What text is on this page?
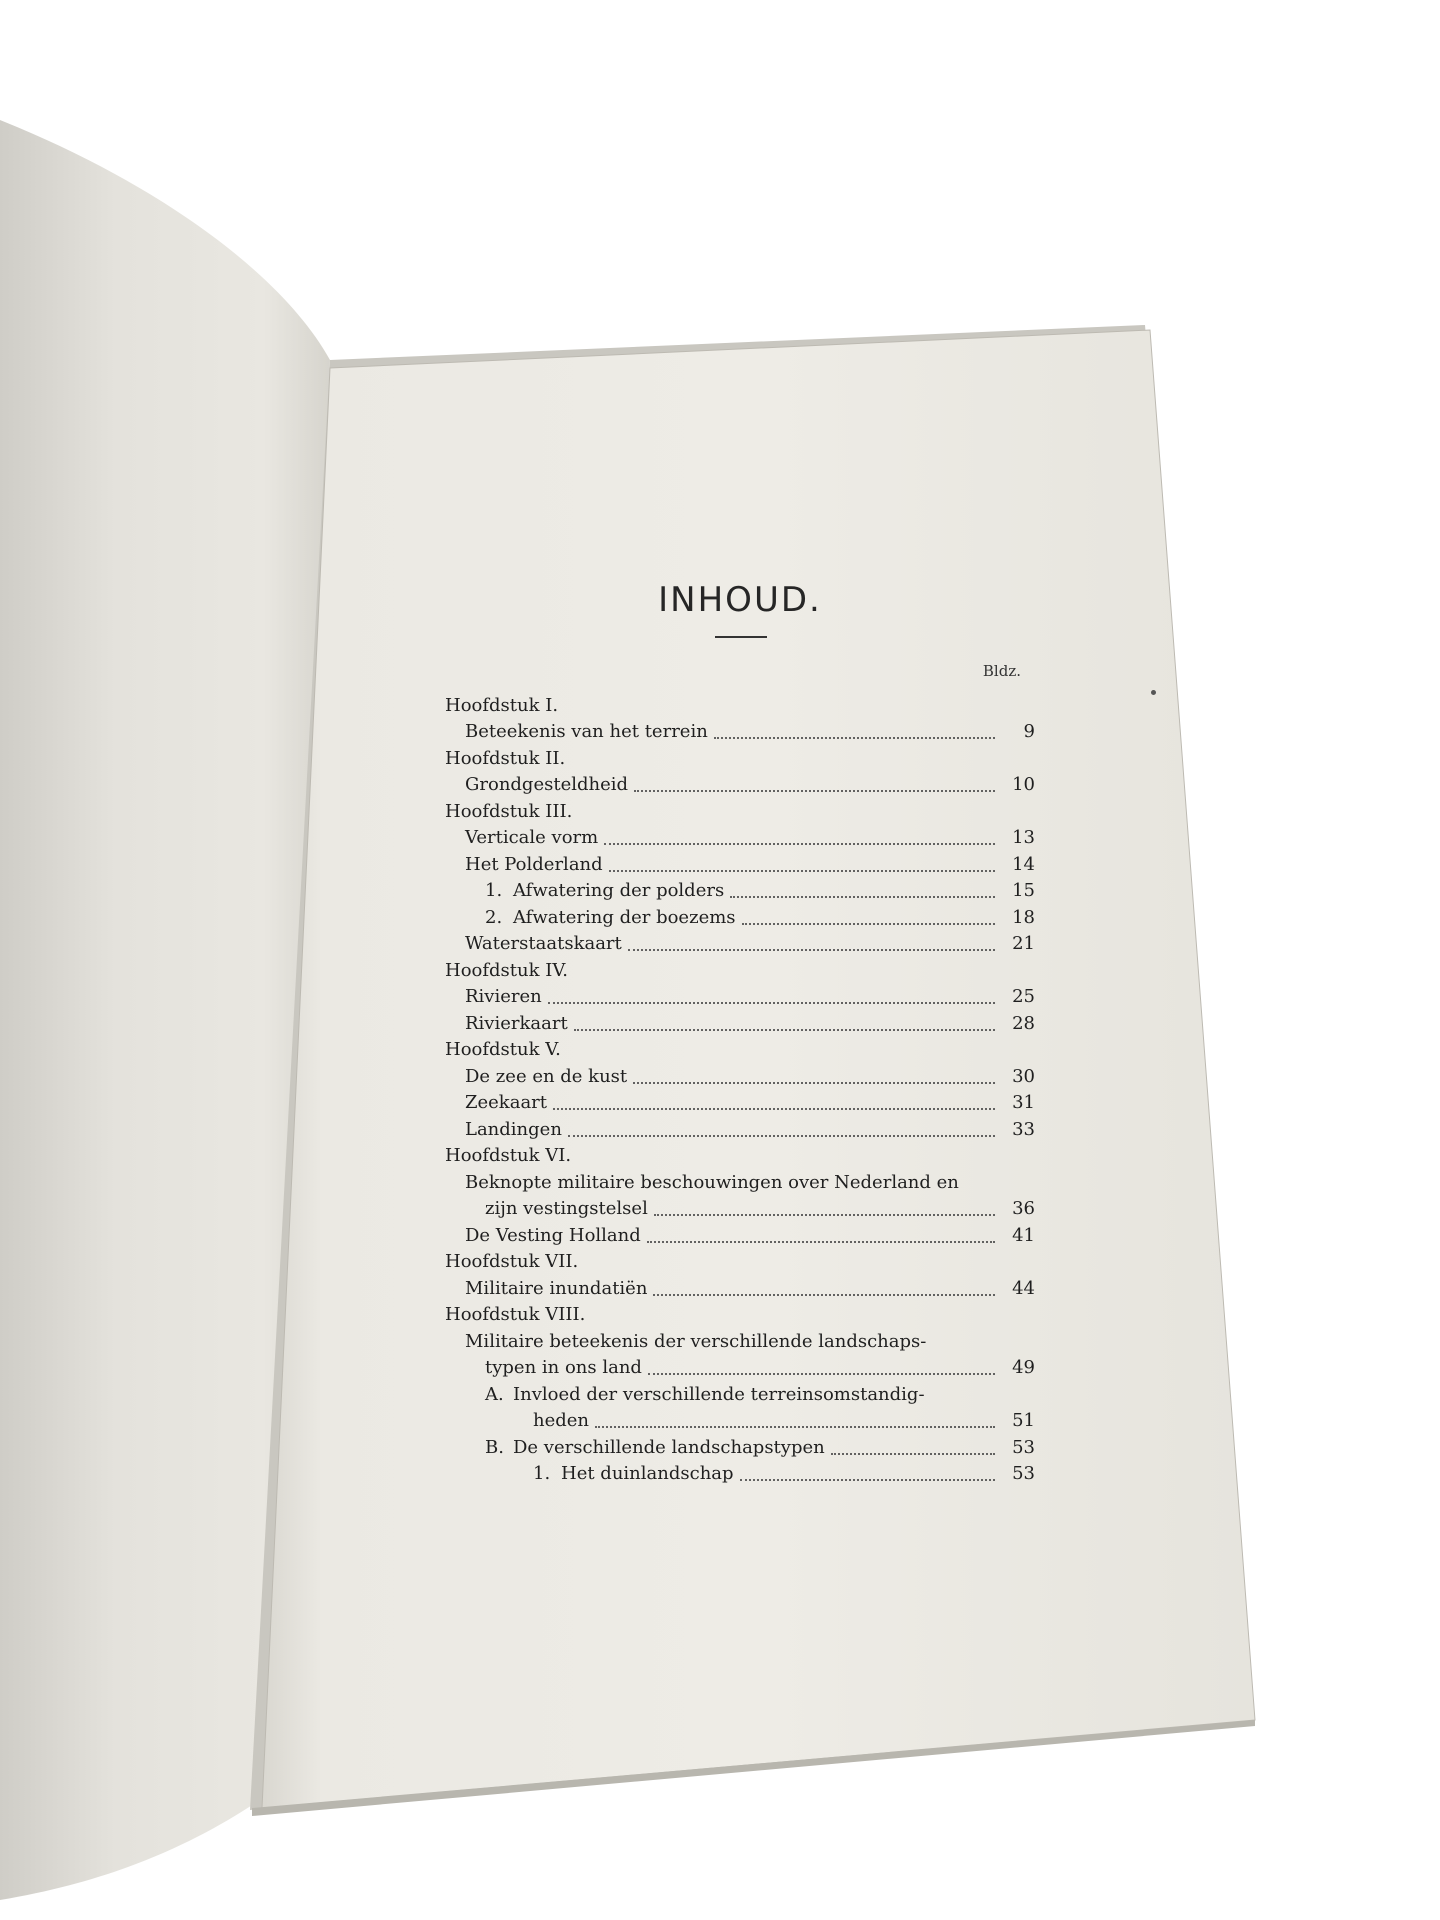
INHOUD.
Bldz.
Hoofdstuk I.
Beteekenis van het terrein	9
Hoofdstuk II.
Grondgesteldheid	10
Hoofdstuk III.
Verticale vorm	13
Het Polderland	14
1. Afwatering der polders	15
2. Afwatering der boezems	18
Waterstaatskaart	21
Hoofdstuk IV.
Rivieren	25
Rivierkaart	28
Hoofdstuk V.
De zee en de kust	30
Zeekaart	31
Landingen	33
Hoofdstuk VI.
Beknopte militaire beschouwingen over Nederland en
zijn vestingstelsel	36
De Vesting Holland	41
Hoofdstuk VII.
Militaire inundatiën	44
Hoofdstuk VIII.
Militaire beteekenis der verschillende landschaps-
typen in ons land	49
A. Invloed der verschillende terreinsomstandig-
heden	51
B. De verschillende landschapstypen	53
1. Het duinlandschap	53
